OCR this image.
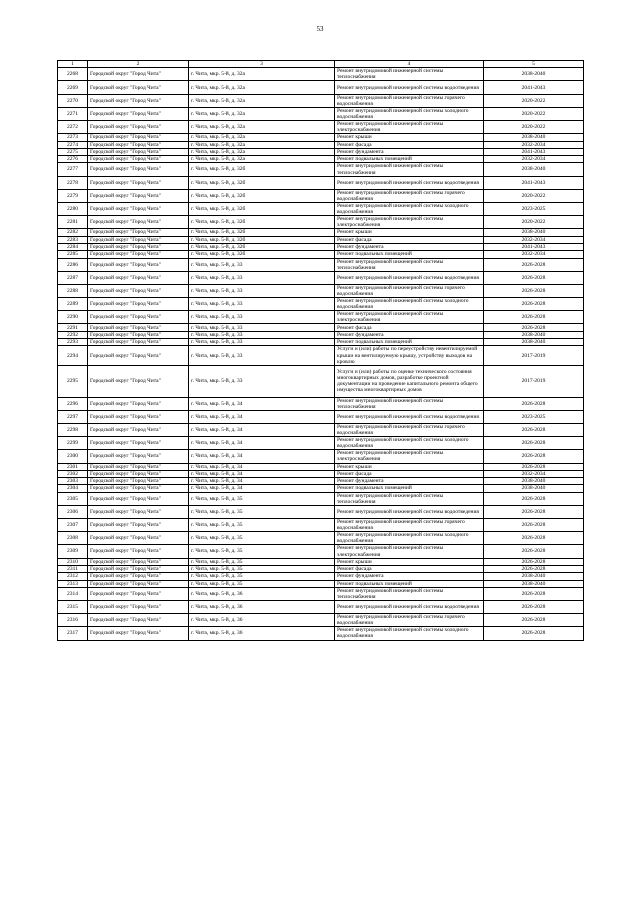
53
1	2	3	4	5
2268	Городской округ "Город Чита"	г. Чита, мкр. 5-й, д. 32а	Ремонт внутридомовой инженерной системы теплоснабжения	2038-2040
2269	Городской округ "Город Чита"	г. Чита, мкр. 5-й, д. 32а	Ремонт внутридомовой инженерной системы водоотведения	2041-2043
2270	Городской округ "Город Чита"	г. Чита, мкр. 5-й, д. 32а	Ремонт внутридомовой инженерной системы горячего водоснабжения	2020-2022
2271	Городской округ "Город Чита"	г. Чита, мкр. 5-й, д. 32а	Ремонт внутридомовой инженерной системы холодного водоснабжения	2020-2022
2272	Городской округ "Город Чита"	г. Чита, мкр. 5-й, д. 32а	Ремонт внутридомовой инженерной системы электроснабжения	2020-2022
2273	Городской округ "Город Чита"	г. Чита, мкр. 5-й, д. 32а	Ремонт крыши	2038-2040
2274	Городской округ "Город Чита"	г. Чита, мкр. 5-й, д. 32а	Ремонт фасада	2032-2034
2275	Городской округ "Город Чита"	г. Чита, мкр. 5-й, д. 32а	Ремонт фундамента	2041-2043
2276	Городской округ "Город Чита"	г. Чита, мкр. 5-й, д. 32а	Ремонт подвальных помещений	2032-2034
2277	Городской округ "Город Чита"	г. Чита, мкр. 5-й, д. 32б	Ремонт внутридомовой инженерной системы теплоснабжения	2038-2040
2278	Городской округ "Город Чита"	г. Чита, мкр. 5-й, д. 32б	Ремонт внутридомовой инженерной системы водоотведения	2041-2043
2279	Городской округ "Город Чита"	г. Чита, мкр. 5-й, д. 32б	Ремонт внутридомовой инженерной системы горячего водоснабжения	2020-2022
2280	Городской округ "Город Чита"	г. Чита, мкр. 5-й, д. 32б	Ремонт внутридомовой инженерной системы холодного водоснабжения	2023-2025
2281	Городской округ "Город Чита"	г. Чита, мкр. 5-й, д. 32б	Ремонт внутридомовой инженерной системы электроснабжения	2020-2022
2282	Городской округ "Город Чита"	г. Чита, мкр. 5-й, д. 32б	Ремонт крыши	2038-2040
2283	Городской округ "Город Чита"	г. Чита, мкр. 5-й, д. 32б	Ремонт фасада	2032-2034
2284	Городской округ "Город Чита"	г. Чита, мкр. 5-й, д. 32б	Ремонт фундамента	2041-2043
2285	Городской округ "Город Чита"	г. Чита, мкр. 5-й, д. 32б	Ремонт подвальных помещений	2032-2034
2286	Городской округ "Город Чита"	г. Чита, мкр. 5-й, д. 33	Ремонт внутридомовой инженерной системы теплоснабжения	2026-2028
2287	Городской округ "Город Чита"	г. Чита, мкр. 5-й, д. 33	Ремонт внутридомовой инженерной системы водоотведения	2026-2028
2288	Городской округ "Город Чита"	г. Чита, мкр. 5-й, д. 33	Ремонт внутридомовой инженерной системы горячего водоснабжения	2026-2028
2289	Городской округ "Город Чита"	г. Чита, мкр. 5-й, д. 33	Ремонт внутридомовой инженерной системы холодного водоснабжения	2026-2028
2290	Городской округ "Город Чита"	г. Чита, мкр. 5-й, д. 33	Ремонт внутридомовой инженерной системы электроснабжения	2026-2028
2291	Городской округ "Город Чита"	г. Чита, мкр. 5-й, д. 33	Ремонт фасада	2026-2028
2292	Городской округ "Город Чита"	г. Чита, мкр. 5-й, д. 33	Ремонт фундамента	2038-2040
2293	Городской округ "Город Чита"	г. Чита, мкр. 5-й, д. 33	Ремонт подвальных помещений	2038-2040
2294	Городской округ "Город Чита"	г. Чита, мкр. 5-й, д. 33	Услуги и (или) работы по переустройству невентилируемой крыши на вентилируемую крышу, устройству выходов на кровлю	2017-2019
2295	Городской округ "Город Чита"	г. Чита, мкр. 5-й, д. 33	Услуги и (или) работы по оценке технического состояния многоквартирных домов, разработке проектной документации на проведение капитального ремонта общего имущества многоквартирных домов	2017-2019
2296	Городской округ "Город Чита"	г. Чита, мкр. 5-й, д. 34	Ремонт внутридомовой инженерной системы теплоснабжения	2026-2028
2297	Городской округ "Город Чита"	г. Чита, мкр. 5-й, д. 34	Ремонт внутридомовой инженерной системы водоотведения	2023-2025
2298	Городской округ "Город Чита"	г. Чита, мкр. 5-й, д. 34	Ремонт внутридомовой инженерной системы горячего водоснабжения	2026-2028
2299	Городской округ "Город Чита"	г. Чита, мкр. 5-й, д. 34	Ремонт внутридомовой инженерной системы холодного водоснабжения	2026-2028
2300	Городской округ "Город Чита"	г. Чита, мкр. 5-й, д. 34	Ремонт внутридомовой инженерной системы электроснабжения	2026-2028
2301	Городской округ "Город Чита"	г. Чита, мкр. 5-й, д. 34	Ремонт крыши	2026-2028
2302	Городской округ "Город Чита"	г. Чита, мкр. 5-й, д. 34	Ремонт фасада	2032-2034
2303	Городской округ "Город Чита"	г. Чита, мкр. 5-й, д. 34	Ремонт фундамента	2038-2040
2304	Городской округ "Город Чита"	г. Чита, мкр. 5-й, д. 34	Ремонт подвальных помещений	2038-2040
2305	Городской округ "Город Чита"	г. Чита, мкр. 5-й, д. 35	Ремонт внутридомовой инженерной системы теплоснабжения	2026-2028
2306	Городской округ "Город Чита"	г. Чита, мкр. 5-й, д. 35	Ремонт внутридомовой инженерной системы водоотведения	2026-2028
2307	Городской округ "Город Чита"	г. Чита, мкр. 5-й, д. 35	Ремонт внутридомовой инженерной системы горячего водоснабжения	2026-2028
2308	Городской округ "Город Чита"	г. Чита, мкр. 5-й, д. 35	Ремонт внутридомовой инженерной системы холодного водоснабжения	2026-2028
2309	Городской округ "Город Чита"	г. Чита, мкр. 5-й, д. 35	Ремонт внутридомовой инженерной системы электроснабжения	2026-2028
2310	Городской округ "Город Чита"	г. Чита, мкр. 5-й, д. 35	Ремонт крыши	2026-2028
2311	Городской округ "Город Чита"	г. Чита, мкр. 5-й, д. 35	Ремонт фасада	2026-2028
2312	Городской округ "Город Чита"	г. Чита, мкр. 5-й, д. 35	Ремонт фундамента	2038-2040
2313	Городской округ "Город Чита"	г. Чита, мкр. 5-й, д. 35	Ремонт подвальных помещений	2038-2040
2314	Городской округ "Город Чита"	г. Чита, мкр. 5-й, д. 36	Ремонт внутридомовой инженерной системы теплоснабжения	2026-2028
2315	Городской округ "Город Чита"	г. Чита, мкр. 5-й, д. 36	Ремонт внутридомовой инженерной системы водоотведения	2026-2028
2316	Городской округ "Город Чита"	г. Чита, мкр. 5-й, д. 36	Ремонт внутридомовой инженерной системы горячего водоснабжения	2026-2028
2317	Городской округ "Город Чита"	г. Чита, мкр. 5-й, д. 36	Ремонт внутридомовой инженерной системы холодного водоснабжения	2026-2028
